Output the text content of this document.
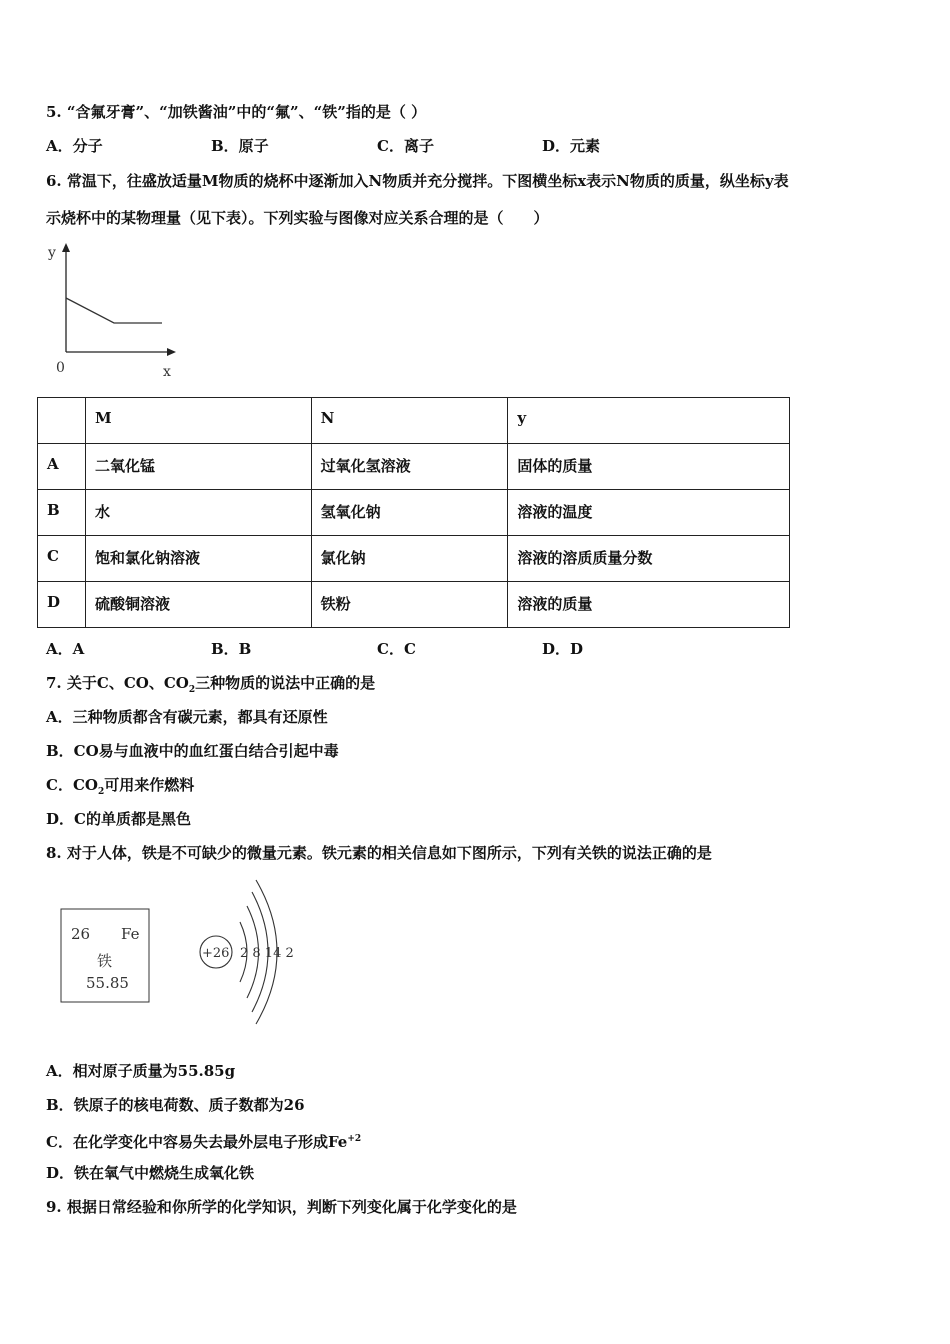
5. “含氟牙膏”、“加铁酱油”中的“氟”、“铁”指的是（ ）
A．分子	B．原子	C．离子	D．元素
6. 常温下，往盛放适量M物质的烧杯中逐渐加入N物质并充分搅拌。下图横坐标x表示N物质的质量，纵坐标y表
示烧杯中的某物理量（见下表）。下列实验与图像对应关系合理的是（　　）
y
0	x
	M	N	y
A	二氧化锰	过氧化氢溶液	固体的质量
B	水	氢氧化钠	溶液的温度
C	饱和氯化钠溶液	氯化钠	溶液的溶质质量分数
D	硫酸铜溶液	铁粉	溶液的质量
A．A	B．B	C．C	D．D
7. 关于C、CO、$CO_2$三种物质的说法中正确的是
A．三种物质都含有碳元素，都具有还原性
B．CO易与血液中的血红蛋白结合引起中毒
C．$CO_2$可用来作燃料
D．C的单质都是黑色
8. 对于人体，铁是不可缺少的微量元素。铁元素的相关信息如下图所示，下列有关铁的说法正确的是
26 Fe
铁
55.85
+26 2 8 14 2
A．相对原子质量为55.85g
B．铁原子的核电荷数、质子数都为26
C．在化学变化中容易失去最外层电子形成$Fe^{+2}$
D．铁在氧气中燃烧生成氧化铁
9. 根据日常经验和你所学的化学知识，判断下列变化属于化学变化的是
